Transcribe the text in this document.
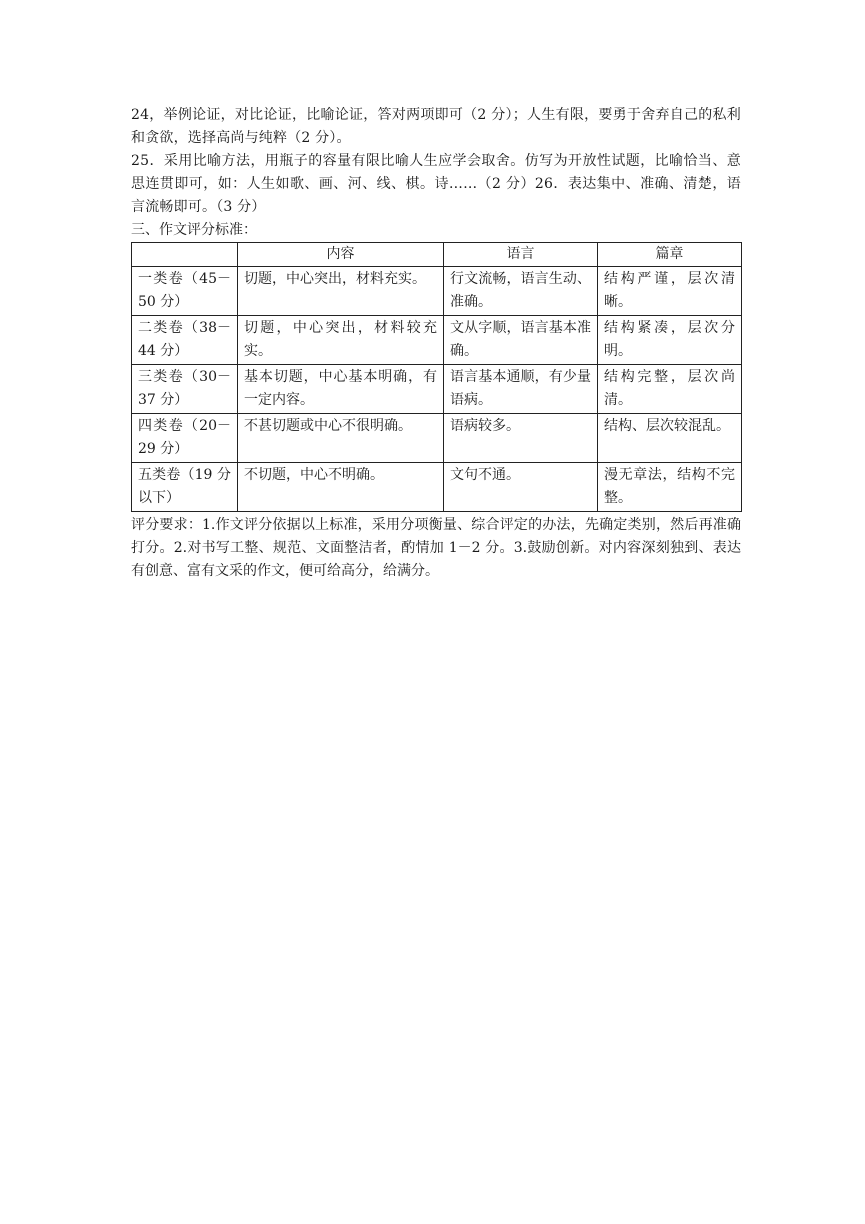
24，举例论证，对比论证，比喻论证，答对两项即可（2 分）；人生有限，要勇于舍弃自己的私利和贪欲，选择高尚与纯粹（2 分）。

25．采用比喻方法，用瓶子的容量有限比喻人生应学会取舍。仿写为开放性试题，比喻恰当、意思连贯即可，如：人生如歌、画、河、线、棋。诗……（2 分）26．表达集中、准确、清楚，语言流畅即可。（3 分）

三、作文评分标准：

	内容	语言	篇章
一类卷（45－50 分）	切题，中心突出，材料充实。	行文流畅，语言生动、准确。	结构严谨，层次清晰。
二类卷（38－44 分）	切题，中心突出，材料较充实。	文从字顺，语言基本准确。	结构紧凑，层次分明。
三类卷（30－37 分）	基本切题，中心基本明确，有一定内容。	语言基本通顺，有少量语病。	结构完整，层次尚清。
四类卷（20－29 分）	不甚切题或中心不很明确。	语病较多。	结构、层次较混乱。
五类卷（19 分以下）	不切题，中心不明确。	文句不通。	漫无章法，结构不完整。

评分要求：1.作文评分依据以上标准，采用分项衡量、综合评定的办法，先确定类别，然后再准确打分。2.对书写工整、规范、文面整洁者，酌情加 1－2 分。3.鼓励创新。对内容深刻独到、表达有创意、富有文采的作文，便可给高分，给满分。
